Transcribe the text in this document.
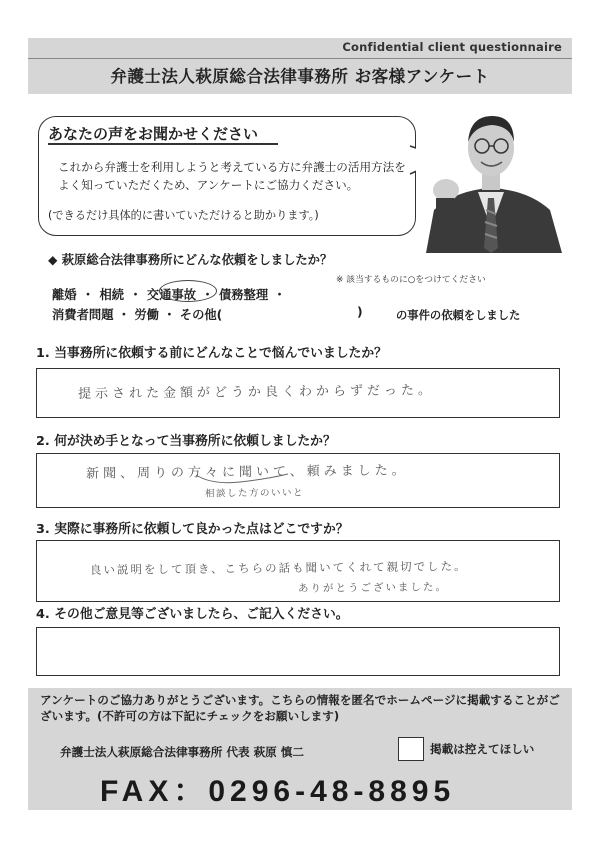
Confidential client questionnaire
弁護士法人萩原総合法律事務所 お客様アンケート
あなたの声をお聞かせください
これから弁護士を利用しようと考えている方に弁護士の活用方法をよく知っていただくため、アンケートにご協力ください。
(できるだけ具体的に書いていただけると助かります。)
◆ 萩原総合法律事務所にどんな依頼をしましたか？
※ 該当するものに○をつけてください
離婚 ・ 相続 ・ 交通事故 ・ 債務整理 ・
消費者問題 ・ 労働 ・ その他(	)	の事件の依頼をしました
1. 当事務所に依頼する前にどんなことで悩んでいましたか？
提示された金額がどうか良くわからずだった。
2. 何が決め手となって当事務所に依頼しましたか？
新聞、周りの方々に聞いて、頼みました。
相談した方のいいと
3. 実際に事務所に依頼して良かった点はどこですか？
良い説明をして頂き、こちらの話も聞いてくれて親切でした。
ありがとうございました。
4. その他ご意見等ございましたら、ご記入ください。
アンケートのご協力ありがとうございます。こちらの情報を匿名でホームページに掲載することがございます。(不許可の方は下記にチェックをお願いします)
弁護士法人萩原総合法律事務所 代表 萩原 慎二	掲載は控えてほしい
FAX：0296-48-8895
